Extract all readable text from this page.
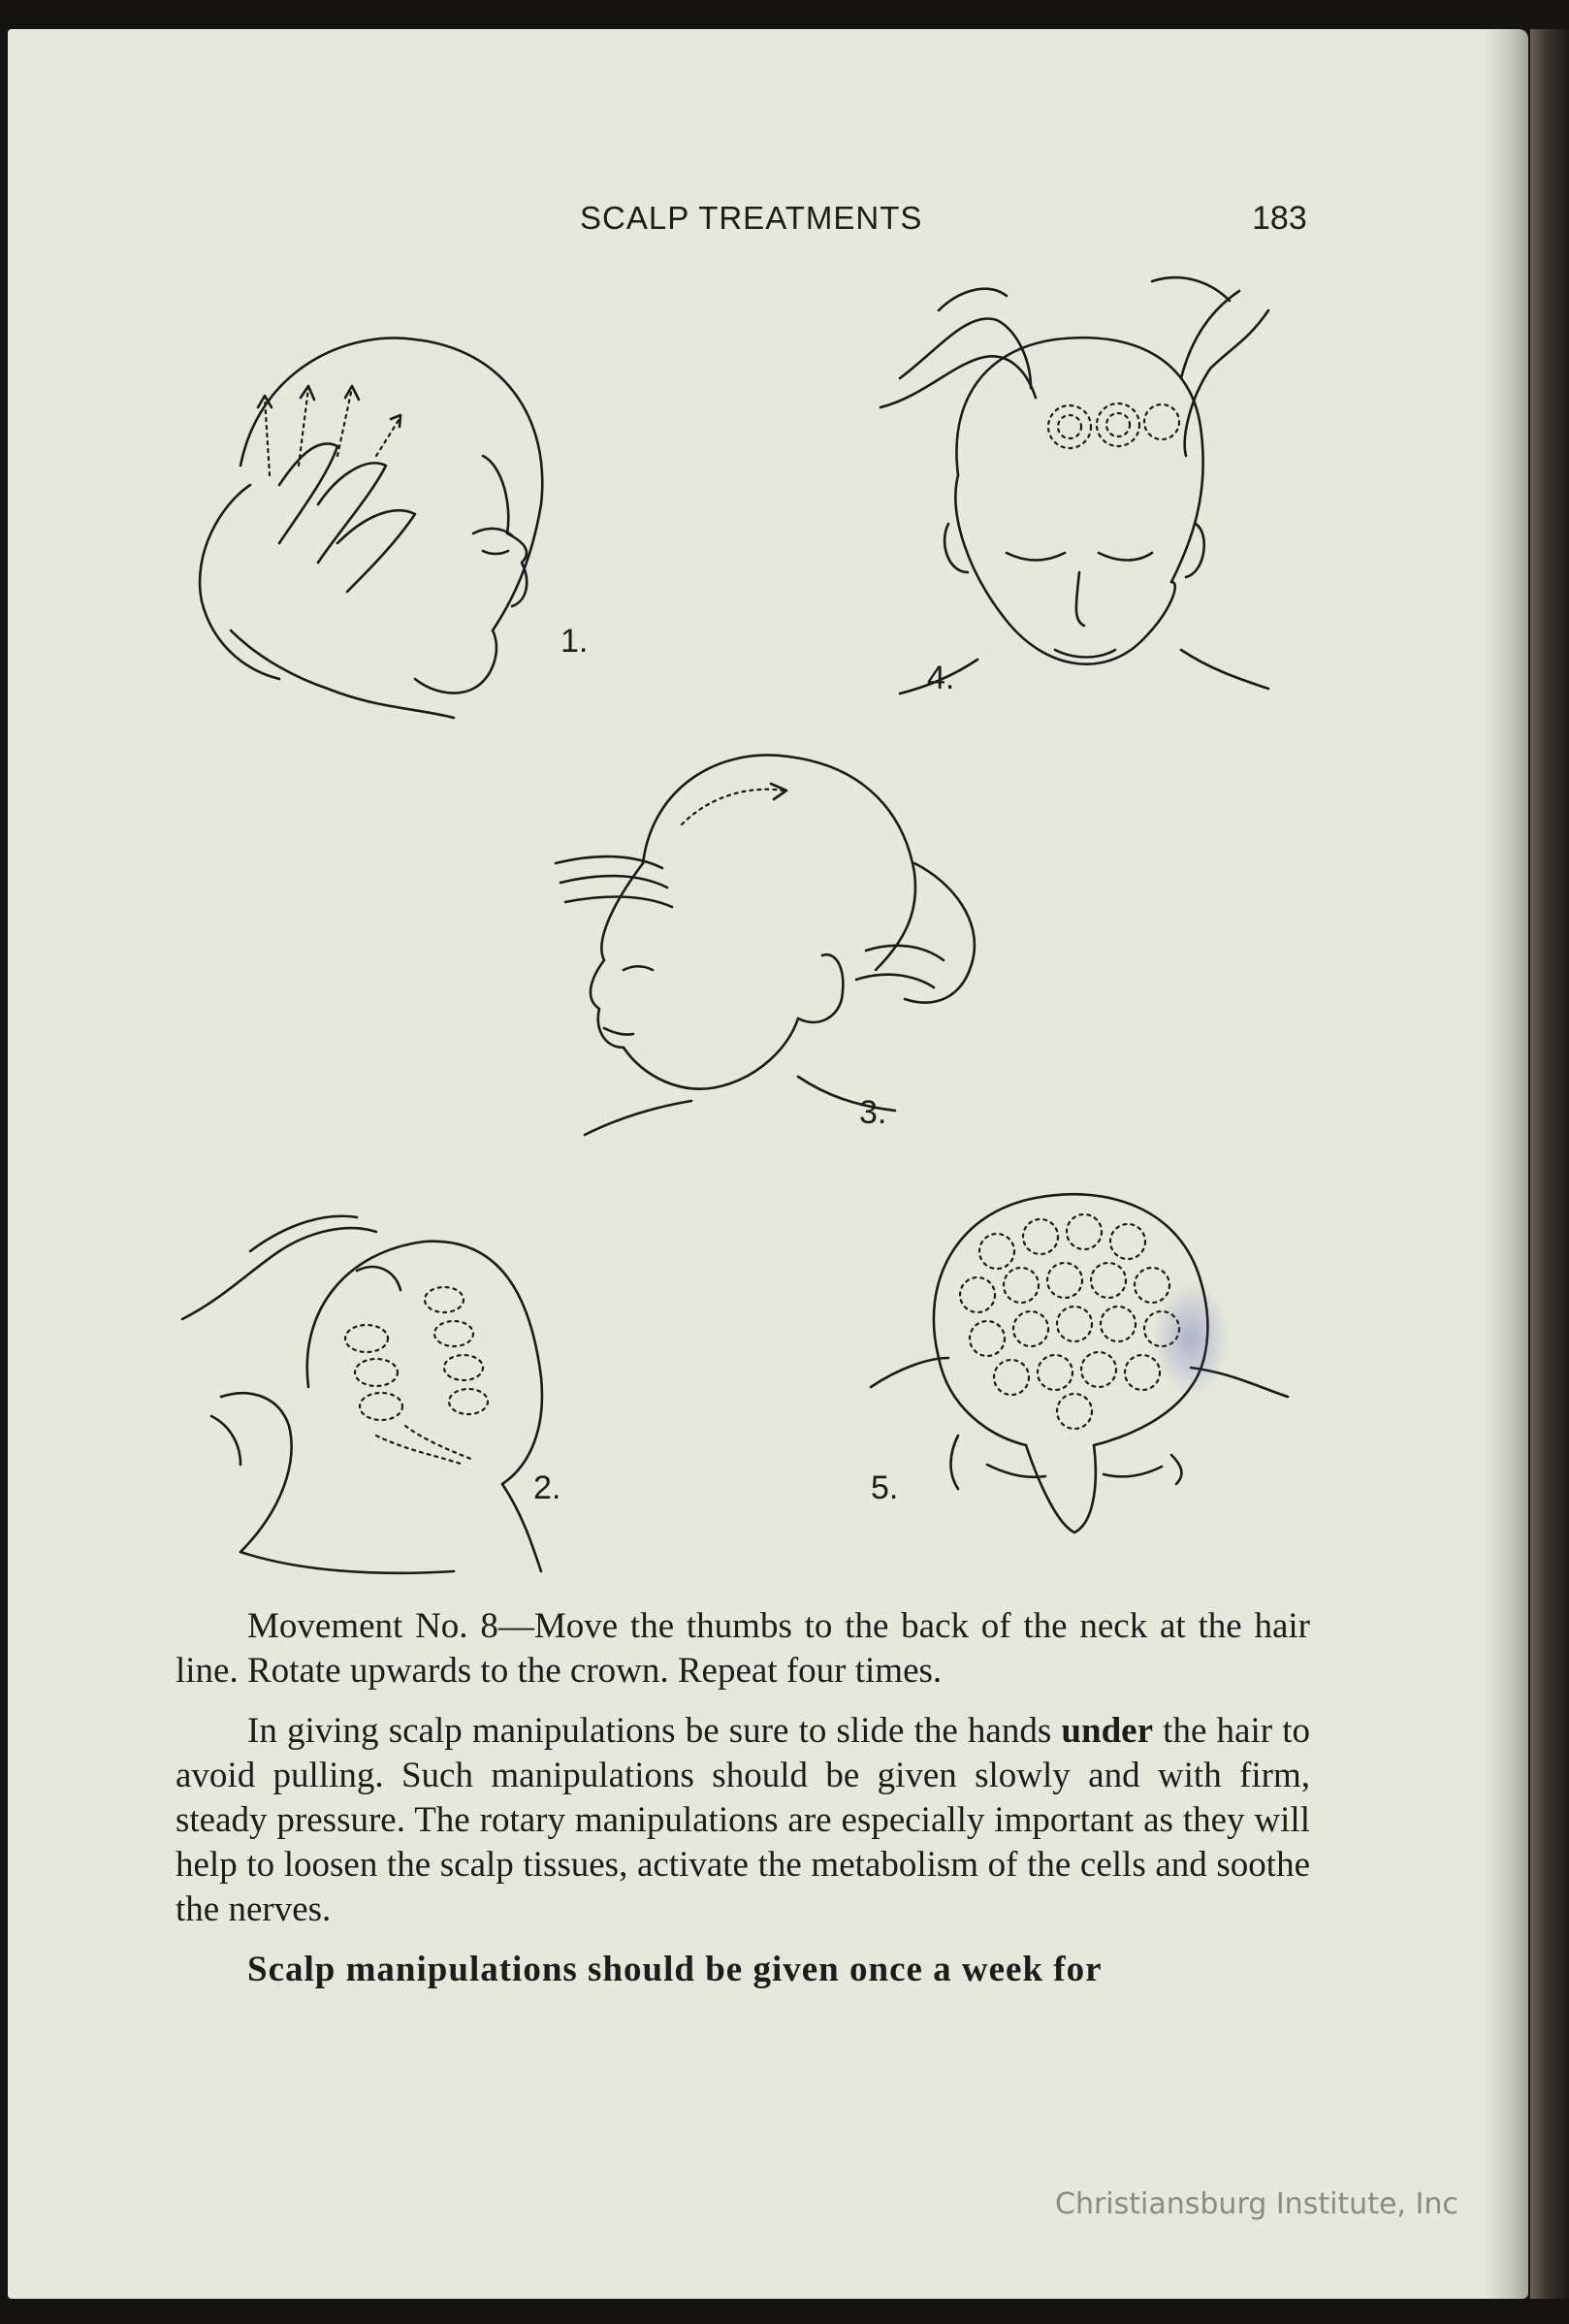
SCALP TREATMENTS	183
1.
4.
3.
2.	5.

Movement No. 8—Move the thumbs to the back of the neck at the hair line. Rotate upwards to the crown. Repeat four times.

In giving scalp manipulations be sure to slide the hands under the hair to avoid pulling. Such manipulations should be given slowly and with firm, steady pressure. The rotary manipulations are especially important as they will help to loosen the scalp tissues, activate the metabolism of the cells and soothe the nerves.

Scalp manipulations should be given once a week for

Christiansburg Institute, Inc
